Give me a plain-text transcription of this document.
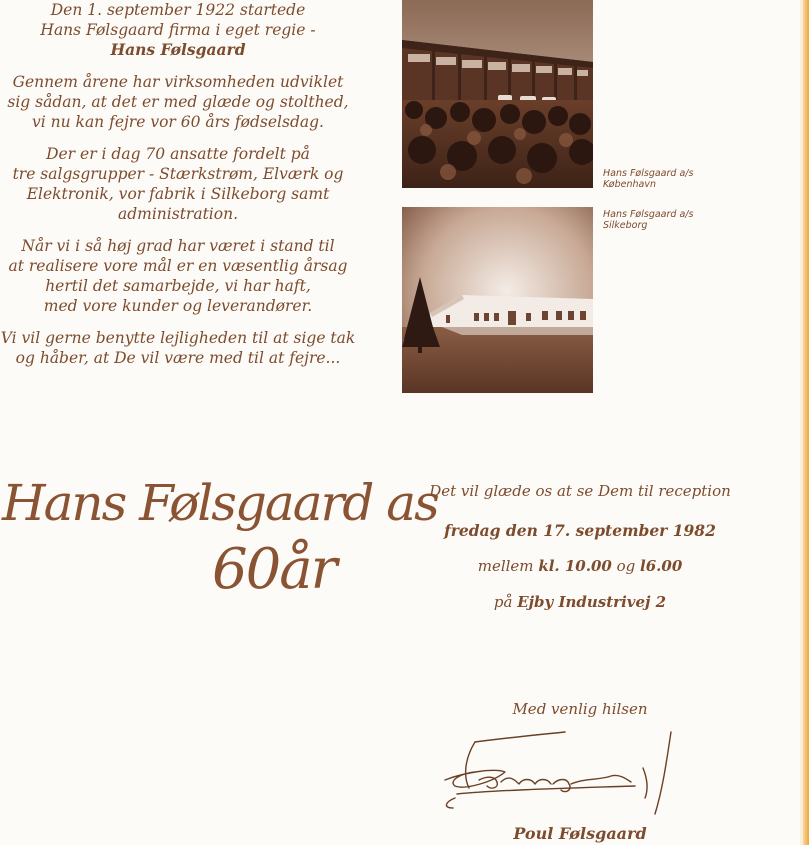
Den 1. september 1922 startede
Hans Følsgaard firma i eget regie -
Hans Følsgaard

Gennem årene har virksomheden udviklet
sig sådan, at det er med glæde og stolthed,
vi nu kan fejre vor 60 års fødselsdag.

Der er i dag 70 ansatte fordelt på
tre salgsgrupper - Stærkstrøm, Elværk og
Elektronik, vor fabrik i Silkeborg samt
administration.

Når vi i så høj grad har været i stand til
at realisere vore mål er en væsentlig årsag
hertil det samarbejde, vi har haft,
med vore kunder og leverandører.

Vi vil gerne benytte lejligheden til at sige tak
og håber, at De vil være med til at fejre...

Hans Følsgaard a/s
København
Hans Følsgaard a/s
Silkeborg
Hans Følsgaard as
60år
Det vil glæde os at se Dem til reception
fredag den 17. september 1982
mellem kl. 10.00 og l6.00
på Ejby Industrivej 2
Med venlig hilsen
Poul Følsgaard
